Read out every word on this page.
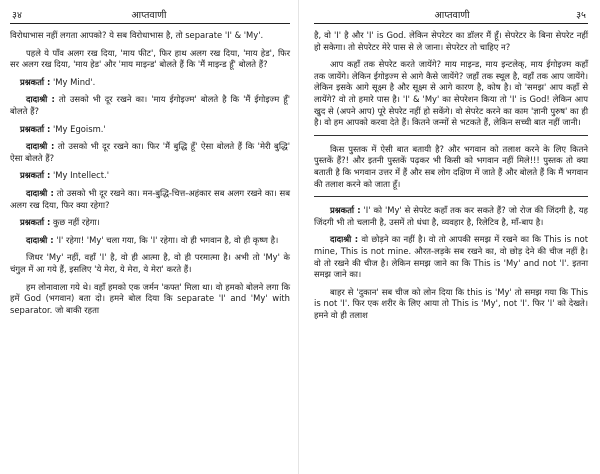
३४	आप्तवाणी

विरोधाभास नहीं लगता आपको? ये सब विरोधाभास है, तो separate 'I' & 'My'.

पहले ये पाँव अलग रख दिया, 'माय फीट', फिर हाथ अलग रख दिया, 'माय हेड', फिर सर अलग रख दिया, 'माय हेड' और 'माय माइन्ड' बोलते हैं कि 'मैं माइन्ड हूँ' बोलते हैं?

प्रश्नकर्ता : 'My Mind'.

दादाश्री : तो उसको भी दूर रखने का। 'माय ईगोइज्म' बोलते है कि 'मैं ईगोइज्म हूँ' बोलते हैं?

प्रश्नकर्ता : 'My Egoism.'

दादाश्री : तो उसको भी दूर रखने का। फिर 'मैं बुद्धि हूँ' ऐसा बोलते हैं कि 'मेरी बुद्धि' ऐसा बोलते हैं?

प्रश्नकर्ता : 'My Intellect.'

दादाश्री : तो उसको भी दूर रखने का। मन-बुद्धि-चित्त-अहंकार सब अलग रखने का। सब अलग रख दिया, फिर क्या रहेगा?

प्रश्नकर्ता : कुछ नहीं रहेगा।

दादाश्री : 'I' रहेगा! 'My' चला गया, कि 'I' रहेगा। वो ही भगवान है, वो ही कृष्ण है।

जिधर 'My' नहीं, वहाँ 'I' है, वो ही आत्मा है, वो ही परमात्मा है। अभी तो 'My' के चंगुल में आ गये हैं, इसलिए 'ये मेरा, ये मेरा, ये मेरा' करते हैं।

हम लोनावाला गये थे। वहाँ हमको एक जर्मन 'कफ्त' मिला था। वो हमको बोलने लगा कि हमें God (भगवान) बता दो। हमने बोल दिया कि separate 'I' and 'My' with separator. जो बाकी रहता

आप्तवाणी	३५

है, वो 'I' है और 'I' is God. लेकिन सेपरेटर का डॉलर मैं हूँ। सेपरेटर के बिना सेपरेट नहीं हो सकेगा। तो सेपरेटर मेरे पास से ले जाना। सेपरेटर तो चाहिए न?

आप कहाँ तक सेपरेट करते जायेंगे? माय माइन्ड, माय इन्टलेक्, माय ईगोइज्म कहाँ तक जायेंगे। लेकिन ईगोइज्म से आगे कैसे जायेंगे? जहाँ तक स्थूल है, वहाँ तक आप जायेंगे। लेकिन इसके आगे सूक्ष्म है और सूक्ष्म से आगे कारण है, कोष है। वो 'समझ' आप कहाँ से लायेंगे? वो तो हमारे पास है। 'I' & 'My' का सेपरेशन किया तो 'I' is God! लेकिन आप खुद से (अपने आप) पूरे सेपरेट नहीं हो सकेंगे। वो सेपरेट करने का काम 'ज्ञानी पुरुष' का ही है। वो हम आपको करवा देते हैं। कितने जन्मों से भटकते हैं, लेकिन सच्ची बात नहीं जानी।

किस पुस्तक में ऐसी बात बतायी है? और भगवान को तलाश करने के लिए कितने पुस्तकें हैं?! और इतनी पुस्तकें पढ़कर भी किसी को भगवान नहीं मिले!!! पुस्तक तो क्या बताती है कि भगवान उत्तर में हैं और सब लोग दक्षिण में जाते हैं और बोलते हैं कि मैं भगवान की तलाश करने को जाता हूँ।

प्रश्नकर्ता : 'I' को 'My' से सेपरेट कहाँ तक कर सकते हैं? जो रोज की जिंदगी है, यह जिंदगी भी तो चलानी है, उसमें तो धंधा है, व्यवहार है, रिलेटिव है, माँ-बाप है।

दादाश्री : वो छोड़ने का नहीं है। वो तो आपकी समझ में रखने का कि This is not mine, This is not mine. औरत-लड़के सब रखने का, वो छोड़ देने की चीज नहीं है। वो तो रखने की चीज है। लेकिन समझ जाने का कि This is 'My' and not 'I'. इतना समझ जाने का।

बाहर से 'दुकान' सब चीज को लोन दिया कि this is 'My' तो समझ गया कि This is not 'I'. फिर एक शरीर के लिए आया तो This is 'My', not 'I'. फिर 'I' को देखते। हमने वो ही तलाश
